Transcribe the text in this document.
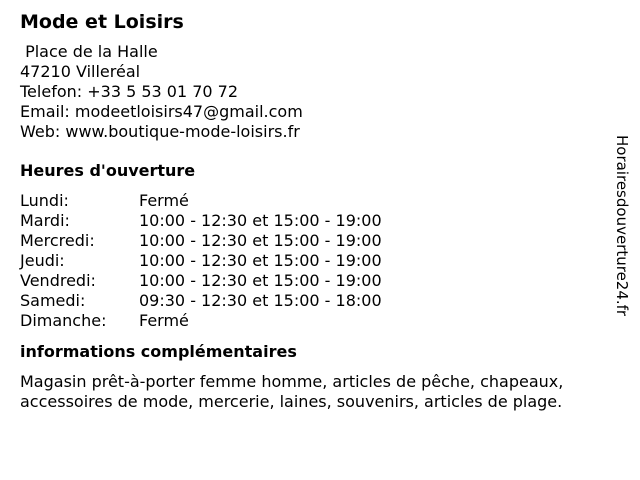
Mode et Loisirs
Place de la Halle
47210 Villeréal
Telefon: +33 5 53 01 70 72
Email: modeetloisirs47@gmail.com
Web: www.boutique-mode-loisirs.fr
Heures d'ouverture
Lundi:	Fermé
Mardi:	10:00 - 12:30 et 15:00 - 19:00
Mercredi:	10:00 - 12:30 et 15:00 - 19:00
Jeudi:	10:00 - 12:30 et 15:00 - 19:00
Vendredi:	10:00 - 12:30 et 15:00 - 19:00
Samedi:	09:30 - 12:30 et 15:00 - 18:00
Dimanche:	Fermé
informations complémentaires
Magasin prêt-à-porter femme homme, articles de pêche, chapeaux, accessoires de mode, mercerie, laines, souvenirs, articles de plage.
Horairesdouverture24.fr
